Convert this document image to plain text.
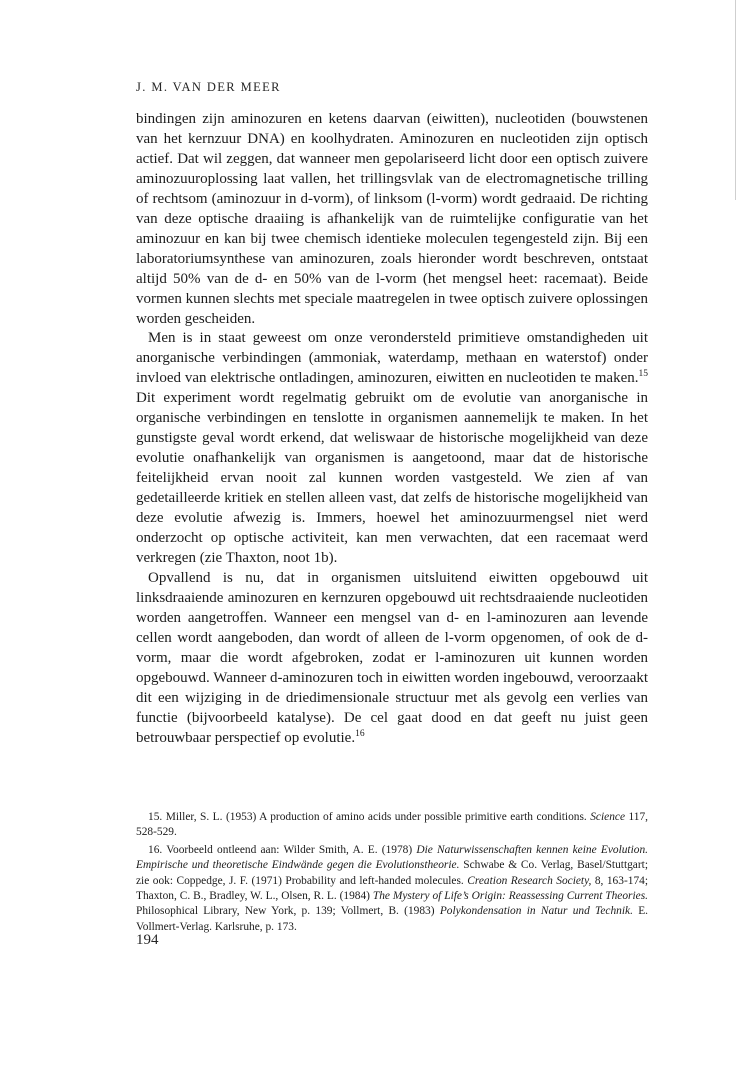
J. M. VAN DER MEER

bindingen zijn aminozuren en ketens daarvan (eiwitten), nucleotiden (bouwstenen van het kernzuur DNA) en koolhydraten. Aminozuren en nucleotiden zijn optisch actief. Dat wil zeggen, dat wanneer men gepolariseerd licht door een optisch zuivere aminozuuroplossing laat vallen, het trillingsvlak van de electromagnetische trilling of rechtsom (aminozuur in d-vorm), of linksom (l-vorm) wordt gedraaid. De richting van deze optische draaiing is afhankelijk van de ruimtelijke configuratie van het aminozuur en kan bij twee chemisch identieke moleculen tegengesteld zijn. Bij een laboratoriumsynthese van aminozuren, zoals hieronder wordt beschreven, ontstaat altijd 50% van de d- en 50% van de l-vorm (het mengsel heet: racemaat). Beide vormen kunnen slechts met speciale maatregelen in twee optisch zuivere oplossingen worden gescheiden.

Men is in staat geweest om onze verondersteld primitieve omstandigheden uit anorganische verbindingen (ammoniak, waterdamp, methaan en waterstof) onder invloed van elektrische ontladingen, aminozuren, eiwitten en nucleotiden te maken.$^{15}$ Dit experiment wordt regelmatig gebruikt om de evolutie van anorganische in organische verbindingen en tenslotte in organismen aannemelijk te maken. In het gunstigste geval wordt erkend, dat weliswaar de historische mogelijkheid van deze evolutie onafhankelijk van organismen is aangetoond, maar dat de historische feitelijkheid ervan nooit zal kunnen worden vastgesteld. We zien af van gedetailleerde kritiek en stellen alleen vast, dat zelfs de historische mogelijkheid van deze evolutie afwezig is. Immers, hoewel het aminozuurmengsel niet werd onderzocht op optische activiteit, kan men verwachten, dat een racemaat werd verkregen (zie Thaxton, noot 1b).

Opvallend is nu, dat in organismen uitsluitend eiwitten opgebouwd uit linksdraaiende aminozuren en kernzuren opgebouwd uit rechtsdraaiende nucleotiden worden aangetroffen. Wanneer een mengsel van d- en l-aminozuren aan levende cellen wordt aangeboden, dan wordt of alleen de l-vorm opgenomen, of ook de d-vorm, maar die wordt afgebroken, zodat er l-aminozuren uit kunnen worden opgebouwd. Wanneer d-aminozuren toch in eiwitten worden ingebouwd, veroorzaakt dit een wijziging in de driedimensionale structuur met als gevolg een verlies van functie (bijvoorbeeld katalyse). De cel gaat dood en dat geeft nu juist geen betrouwbaar perspectief op evolutie.$^{16}$

15. Miller, S. L. (1953) A production of amino acids under possible primitive earth conditions. Science 117, 528-529.

16. Voorbeeld ontleend aan: Wilder Smith, A. E. (1978) Die Naturwissenschaften kennen keine Evolution. Empirische und theoretische Eindwände gegen die Evolutionstheorie. Schwabe & Co. Verlag, Basel/Stuttgart; zie ook: Coppedge, J. F. (1971) Probability and left-handed molecules. Creation Research Society, 8, 163-174; Thaxton, C. B., Bradley, W. L., Olsen, R. L. (1984) The Mystery of Life’s Origin: Reassessing Current Theories. Philosophical Library, New York, p. 139; Vollmert, B. (1983) Polykondensation in Natur und Technik. E. Vollmert-Verlag. Karlsruhe, p. 173.

194
